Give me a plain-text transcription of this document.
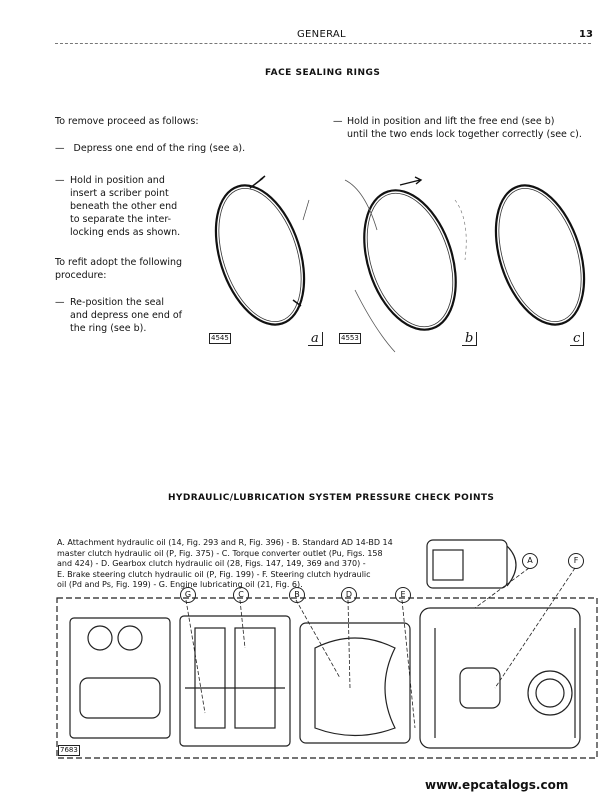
GENERAL	13
FACE SEALING RINGS
To remove proceed as follows:
— Depress one end of the ring (see a).
— Hold in position and
insert a scriber point
beneath the other end
to separate the inter-
locking ends as shown.
To refit adopt the following
procedure:
— Re-position the seal
and depress one end of
the ring (see b).
— Hold in position and lift the free end (see b)
until the two ends lock together correctly (see c).
4545	a	4553	b	c
HYDRAULIC/LUBRICATION SYSTEM PRESSURE CHECK POINTS
A. Attachment hydraulic oil (14, Fig. 293 and R, Fig. 396) - B. Standard AD 14-BD 14
master clutch hydraulic oil (P, Fig. 375) - C. Torque converter outlet (Pu, Figs. 158
and 424) - D. Gearbox clutch hydraulic oil (28, Figs. 147, 149, 369 and 370) -
E. Brake steering clutch hydraulic oil (P, Fig. 199) - F. Steering clutch hydraulic
oil (Pd and Ps, Fig. 199) - G. Engine lubricating oil (21, Fig. 6).
G	C	B	D	E
A	F
7683
www.epcatalogs.com
